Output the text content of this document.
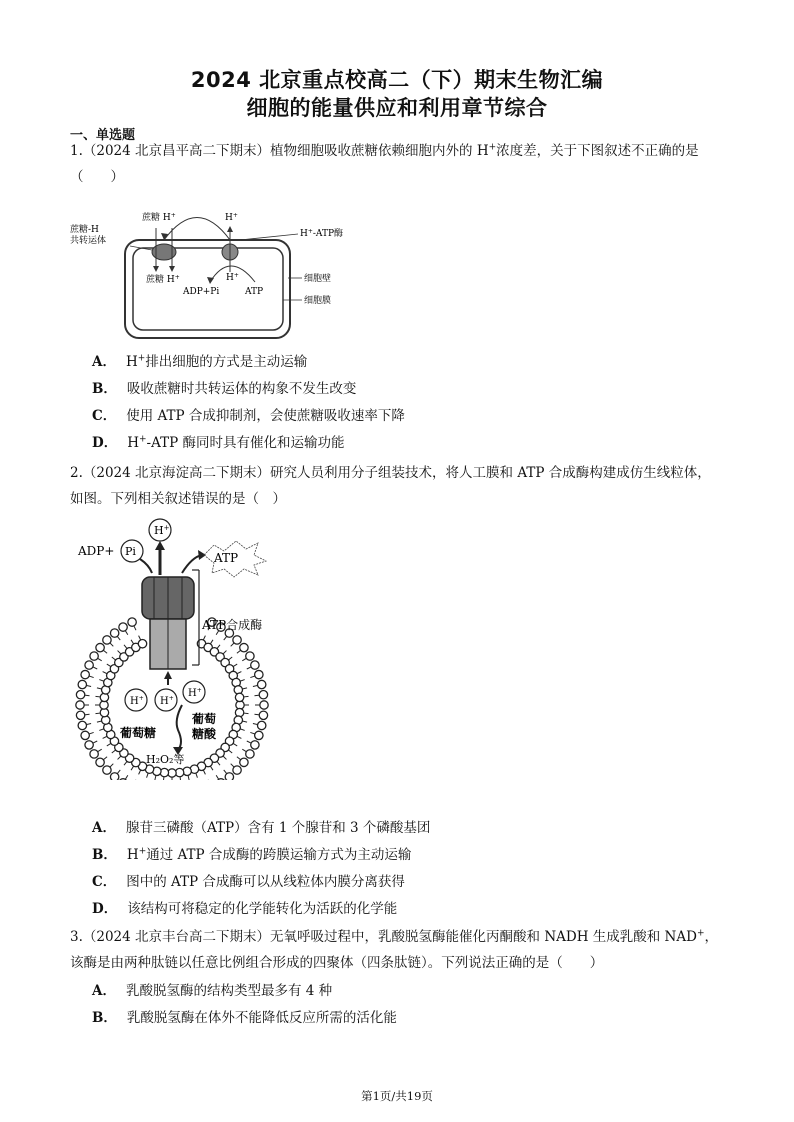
2024 北京重点校高二（下）期末生物汇编
细胞的能量供应和利用章节综合
一、单选题
1.（2024 北京昌平高二下期末）植物细胞吸收蔗糖依赖细胞内外的 H+浓度差，关于下图叙述不正确的是
（　　）
蔗糖-H
共转运体
蔗糖 H+	H+
H+-ATP酶
蔗糖 H+	H+
ADP+Pi	ATP
细胞壁
细胞膜
A． H+排出细胞的方式是主动运输
B． 吸收蔗糖时共转运体的构象不发生改变
C． 使用 ATP 合成抑制剂，会使蔗糖吸收速率下降
D． H+-ATP 酶同时具有催化和运输功能
2.（2024 北京海淀高二下期末）研究人员利用分子组装技术，将人工膜和 ATP 合成酶构建成仿生线粒体，
如图。下列相关叙述错误的是（　）
ADP+ Pi
H+
ATP
ATP合成酶
H+ H+ H+
葡萄糖
葡萄
糖酸
H₂O₂等
A． 腺苷三磷酸（ATP）含有 1 个腺苷和 3 个磷酸基团
B． H+通过 ATP 合成酶的跨膜运输方式为主动运输
C． 图中的 ATP 合成酶可以从线粒体内膜分离获得
D． 该结构可将稳定的化学能转化为活跃的化学能
3.（2024 北京丰台高二下期末）无氧呼吸过程中，乳酸脱氢酶能催化丙酮酸和 NADH 生成乳酸和 NAD+，
该酶是由两种肽链以任意比例组合形成的四聚体（四条肽链）。下列说法正确的是（　　）
A． 乳酸脱氢酶的结构类型最多有 4 种
B． 乳酸脱氢酶在体外不能降低反应所需的活化能
第1页/共19页
